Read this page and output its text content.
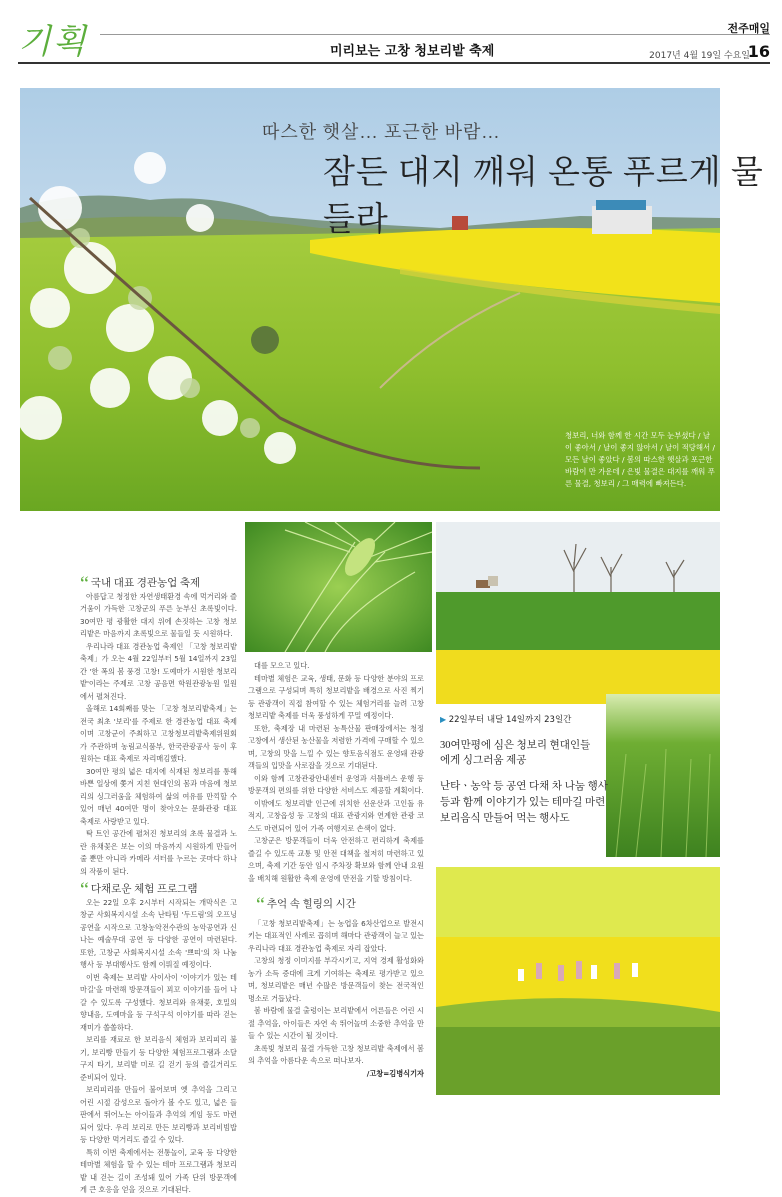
기획	미리보는 고창 청보리밭 축제
전주매일
16
2017년 4월 19일 수요일
따스한 햇살… 포근한 바람…
잠든 대지 깨워 온통 푸르게 물들라
청보리, 너와 함께 한 시간 모두 눈부셨다 / 날이 좋아서 / 날이 좋지 않아서 / 날이 적당해서 / 모든 날이 좋았다 / 봄의 따스한 햇살과 포근한 바람이 만 가운데 / 은빛 물결은 대지를 깨워 푸른 물결, 청보리 / 그 매력에 빠져든다.
“ 국내 대표 경관농업 축제

아름답고 청정한 자연생태환경 속에 먹거리와 즐거움이 가득한 고창군의 푸른 눈부신 초록빛이다. 30여만 평 광활한 대지 위에 손짓하는 고창 청보리밭은 마음까지 초록빛으로 물들일 듯 시원하다.

우리나라 대표 경관농업 축제인 「고창 청보리밭축제」가 오는 4월 22일부터 5월 14일까지 23일간 '한 폭의 봄 풍경 고창! 도예마가 시원한 청보리밭'이라는 주제로 고창 공음면 학원관광농원 일원에서 펼쳐진다.

올해로 14회째를 맞는 「고창 청보리밭축제」는 전국 최초 '보리'를 주제로 한 경관농업 대표 축제이며 고창군이 주최하고 고창청보리밭축제위원회가 주관하며 농림교식품부, 한국관광공사 등이 후원하는 대표 축제로 자리매김했다.

30여만 평의 넓은 대지에 식재된 청보리를 통해 바쁜 일상에 쫓겨 지친 현대인의 몸과 마음에 청보리의 싱그러움을 체험하여 삶의 여유를 만끽할 수 있어 매년 40여만 명이 찾아오는 문화관광 대표 축제로 사랑받고 있다.

탁 트인 공간에 펼쳐진 청보리의 초록 물결과 노란 유채꽃은 보는 이의 마음까지 시원하게 만들어줄 뿐만 아니라 카메라 셔터를 누르는 곳마다 하나의 작품이 된다.

“ 다채로운 체험 프로그램

오는 22일 오후 2시부터 시작되는 개막식은 고창군 사회복지시설 소속 난타팀 '두드림'의 오프닝 공연을 시작으로 고창농악전수관의 농악공연과 신나는 예술무대 공연 등 다양한 공연이 마련된다. 또한, 고창군 사회복지시설 소속 '쁘띠'의 차 나눔 행사 등 부대행사도 함께 이뤄질 예정이다.

이번 축제는 보리밭 사이사이 '이야기가 있는 테마길'을 마련해 방문객들이 꾀꼬 이야기를 들어 나갈 수 있도록 구성했다. 청보리와 유채꽃, 호밀의 향내음, 도예마을 등 구석구석 이야기를 따라 걷는 재미가 쏠쏠하다.

보리를 재료로 한 보리음식 체험과 보리피리 불기, 보리빵 만들기 등 다양한 체험프로그램과 소달구지 타기, 보리밭 미로 길 걷기 등의 즐길거리도 준비되어 있다.

보리피리를 만들어 불어보며 옛 추억을 그리고 어린 시절 감성으로 돌아가 볼 수도 있고, 넓은 들판에서 뛰어노는 아이들과 추억의 게임 등도 마련되어 있다. 우리 보리로 만든 보리빵과 보리비빔밥 등 다양한 먹거리도 즐길 수 있다.

특히 이번 축제에서는 전통놀이, 교육 등 다양한 테마별 체험을 할 수 있는 테마 프로그램과 청보리밭 내 걷는 길이 조성돼 있어 가족 단위 방문객에게 큰 호응을 얻을 것으로 기대된다.

대를 모으고 있다.

테마별 체험은 교육, 생태, 문화 등 다양한 분야의 프로그램으로 구성되며 특히 청보리밭을 배경으로 사진 찍기 등 관광객이 직접 참여할 수 있는 체험거리를 늘려 고창 청보리밭 축제를 더욱 풍성하게 꾸밀 예정이다.

또한, 축제장 내 마련된 농특산물 판매장에서는 청정 고창에서 생산된 농산물을 저렴한 가격에 구매할 수 있으며, 고창의 맛을 느낄 수 있는 향토음식점도 운영돼 관광객들의 입맛을 사로잡을 것으로 기대된다.

이와 함께 고창관광안내센터 운영과 셔틀버스 운행 등 방문객의 편의를 위한 다양한 서비스도 제공할 계획이다.

이밖에도 청보리밭 인근에 위치한 선운산과 고인돌 유적지, 고창읍성 등 고창의 대표 관광지와 연계한 관광 코스도 마련되어 있어 가족 여행지로 손색이 없다.

고창군은 방문객들이 더욱 안전하고 편리하게 축제를 즐길 수 있도록 교통 및 안전 대책을 철저히 마련하고 있으며, 축제 기간 동안 임시 주차장 확보와 함께 안내 요원을 배치해 원활한 축제 운영에 만전을 기할 방침이다.

“ 추억 속 힐링의 시간

「고창 청보리밭축제」는 농업을 6차산업으로 발전시키는 대표적인 사례로 꼽히며 해마다 관광객이 늘고 있는 우리나라 대표 경관농업 축제로 자리 잡았다.

고창의 청정 이미지를 부각시키고, 지역 경제 활성화와 농가 소득 증대에 크게 기여하는 축제로 평가받고 있으며, 청보리밭은 매년 수많은 방문객들이 찾는 전국적인 명소로 거듭났다.

봄 바람에 물결 출렁이는 보리밭에서 어른들은 어린 시절 추억을, 아이들은 자연 속 뛰어놀며 소중한 추억을 만들 수 있는 시간이 될 것이다.

초록빛 청보리 물결 가득한 고창 청보리밭 축제에서 봄의 추억을 아름다운 속으로 떠나보자.

/고창=김병식기자
▶ 22일부터 내달 14일까지 23일간
30여만평에 심은 청보리 현대인들에게 싱그러움 제공
난타ㆍ농악 등 공연 다채 차 나눔 행사 등과 함께 이야기가 있는 테마길 마련 보리음식 만들어 먹는 행사도
